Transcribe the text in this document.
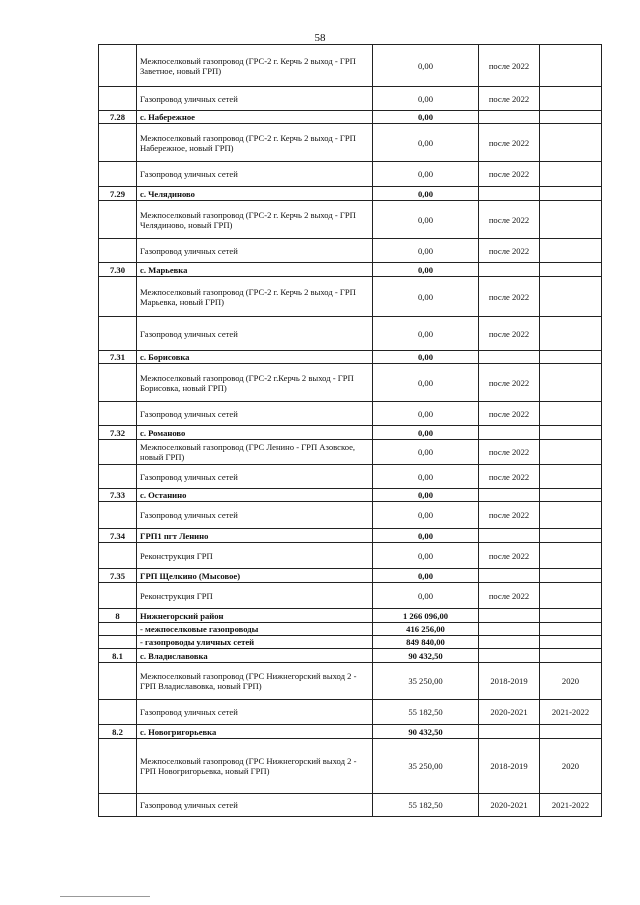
58
	Межпоселковый газопровод (ГРС-2 г. Керчь 2 выход - ГРП Заветное, новый ГРП)	0,00	после 2022	
	Газопровод уличных сетей	0,00	после 2022	
7.28	с. Набережное	0,00		
	Межпоселковый газопровод (ГРС-2 г. Керчь 2 выход - ГРП Набережное, новый ГРП)	0,00	после 2022	
	Газопровод уличных сетей	0,00	после 2022	
7.29	с. Челядиново	0,00		
	Межпоселковый газопровод (ГРС-2 г. Керчь 2 выход - ГРП Челядиново, новый ГРП)	0,00	после 2022	
	Газопровод уличных сетей	0,00	после 2022	
7.30	с. Марьевка	0,00		
	Межпоселковый газопровод (ГРС-2 г. Керчь 2 выход - ГРП Марьевка, новый ГРП)	0,00	после 2022	
	Газопровод уличных сетей	0,00	после 2022	
7.31	с. Борисовка	0,00		
	Межпоселковый газопровод (ГРС-2 г.Керчь 2 выход - ГРП Борисовка, новый ГРП)	0,00	после 2022	
	Газопровод уличных сетей	0,00	после 2022	
7.32	с. Романово	0,00		
	Межпоселковый газопровод (ГРС Ленино - ГРП Азовское, новый ГРП)	0,00	после 2022	
	Газопровод уличных сетей	0,00	после 2022	
7.33	с. Останино	0,00		
	Газопровод уличных сетей	0,00	после 2022	
7.34	ГРП1 пгт Ленино	0,00		
	Реконструкция ГРП	0,00	после 2022	
7.35	ГРП Щелкино (Мысовое)	0,00		
	Реконструкция ГРП	0,00	после 2022	
8	Нижнегорский район	1 266 096,00		
	- межпоселковые газопроводы	416 256,00		
	- газопроводы уличных сетей	849 840,00		
8.1	с. Владиславовка	90 432,50		
	Межпоселковый газопровод (ГРС Нижнегорский выход 2 - ГРП Владиславовка, новый ГРП)	35 250,00	2018-2019	2020
	Газопровод уличных сетей	55 182,50	2020-2021	2021-2022
8.2	с. Новогригорьевка	90 432,50		
	Межпоселковый газопровод (ГРС Нижнегорский выход 2 - ГРП Новогригорьевка, новый ГРП)	35 250,00	2018-2019	2020
	Газопровод уличных сетей	55 182,50	2020-2021	2021-2022
